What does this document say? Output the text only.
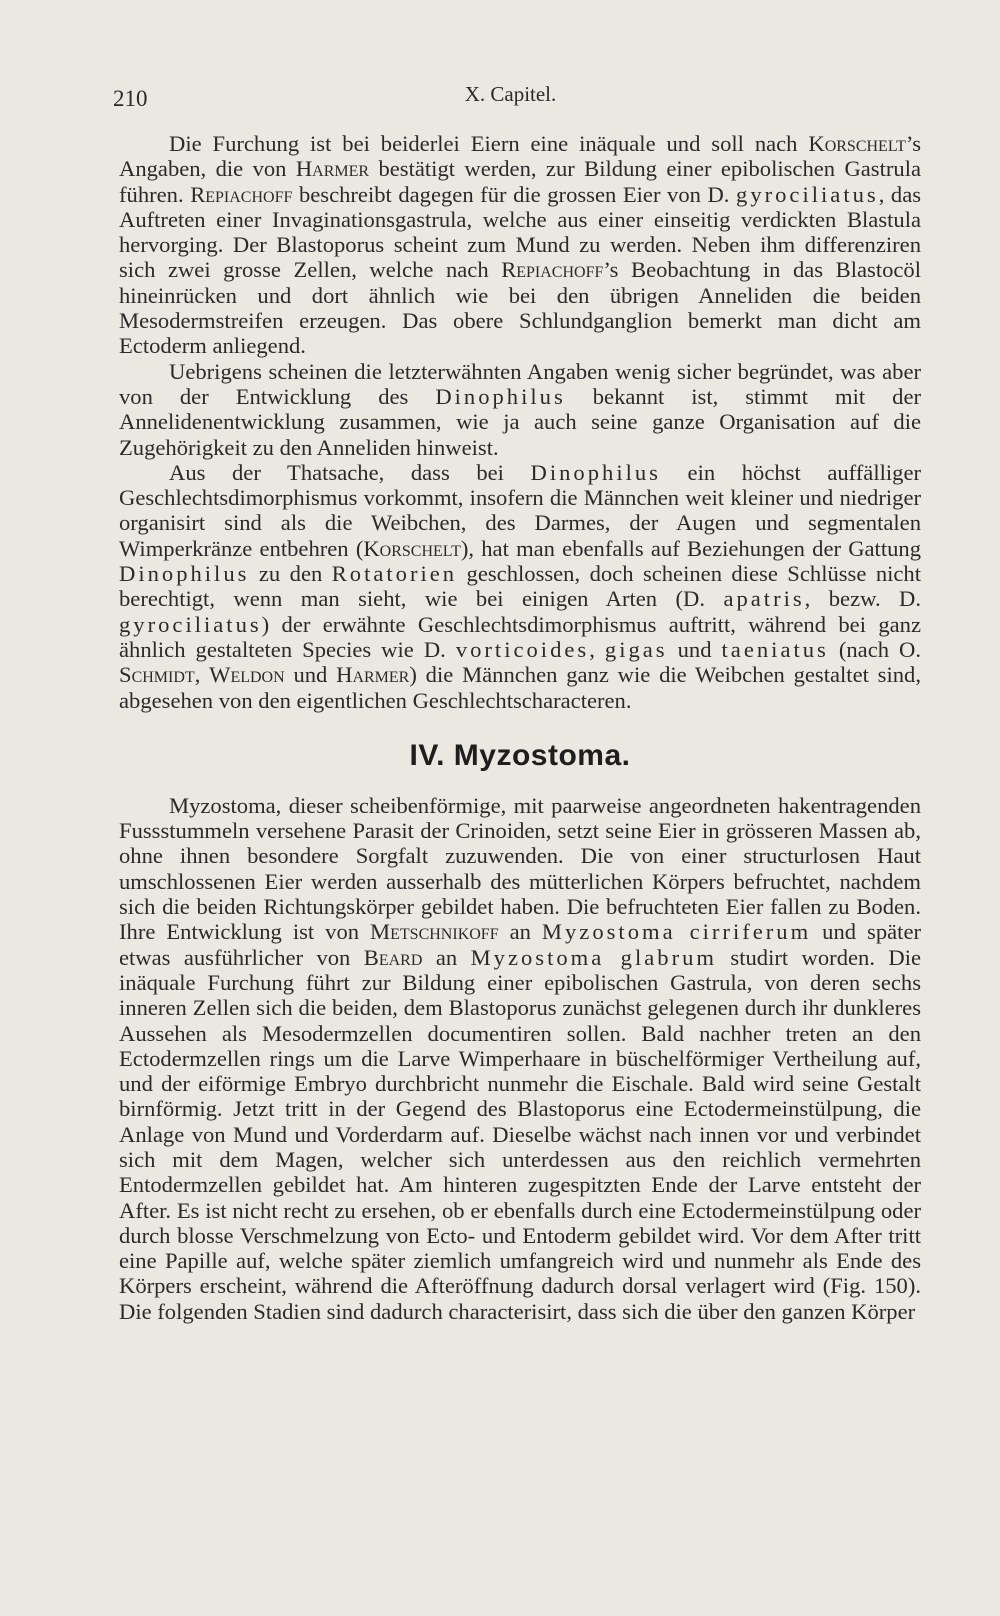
210	X. Capitel.

Die Furchung ist bei beiderlei Eiern eine inäquale und soll nach Korschelt’s Angaben, die von Harmer bestätigt werden, zur Bildung einer epibolischen Gastrula führen. Repiachoff beschreibt dagegen für die grossen Eier von D. gyrociliatus, das Auftreten einer Invaginationsgastrula, welche aus einer einseitig verdickten Blastula hervorging. Der Blastoporus scheint zum Mund zu werden. Neben ihm differenziren sich zwei grosse Zellen, welche nach Repiachoff’s Beobachtung in das Blastocöl hineinrücken und dort ähnlich wie bei den übrigen Anneliden die beiden Mesodermstreifen erzeugen. Das obere Schlundganglion bemerkt man dicht am Ectoderm anliegend.

Uebrigens scheinen die letzterwähnten Angaben wenig sicher begründet, was aber von der Entwicklung des Dinophilus bekannt ist, stimmt mit der Annelidenentwicklung zusammen, wie ja auch seine ganze Organisation auf die Zugehörigkeit zu den Anneliden hinweist.

Aus der Thatsache, dass bei Dinophilus ein höchst auffälliger Geschlechtsdimorphismus vorkommt, insofern die Männchen weit kleiner und niedriger organisirt sind als die Weibchen, des Darmes, der Augen und segmentalen Wimperkränze entbehren (Korschelt), hat man ebenfalls auf Beziehungen der Gattung Dinophilus zu den Rotatorien geschlossen, doch scheinen diese Schlüsse nicht berechtigt, wenn man sieht, wie bei einigen Arten (D. apatris, bezw. D. gyrociliatus) der erwähnte Geschlechtsdimorphismus auftritt, während bei ganz ähnlich gestalteten Species wie D. vorticoides, gigas und taeniatus (nach O. Schmidt, Weldon und Harmer) die Männchen ganz wie die Weibchen gestaltet sind, abgesehen von den eigentlichen Geschlechtscharacteren.

IV. Myzostoma.

Myzostoma, dieser scheibenförmige, mit paarweise angeordneten hakentragenden Fussstummeln versehene Parasit der Crinoiden, setzt seine Eier in grösseren Massen ab, ohne ihnen besondere Sorgfalt zuzuwenden. Die von einer structurlosen Haut umschlossenen Eier werden ausserhalb des mütterlichen Körpers befruchtet, nachdem sich die beiden Richtungskörper gebildet haben. Die befruchteten Eier fallen zu Boden. Ihre Entwicklung ist von Metschnikoff an Myzostoma cirriferum und später etwas ausführlicher von Beard an Myzostoma glabrum studirt worden. Die inäquale Furchung führt zur Bildung einer epibolischen Gastrula, von deren sechs inneren Zellen sich die beiden, dem Blastoporus zunächst gelegenen durch ihr dunkleres Aussehen als Mesodermzellen documentiren sollen. Bald nachher treten an den Ectodermzellen rings um die Larve Wimperhaare in büschelförmiger Vertheilung auf, und der eiförmige Embryo durchbricht nunmehr die Eischale. Bald wird seine Gestalt birnförmig. Jetzt tritt in der Gegend des Blastoporus eine Ectodermeinstülpung, die Anlage von Mund und Vorderdarm auf. Dieselbe wächst nach innen vor und verbindet sich mit dem Magen, welcher sich unterdessen aus den reichlich vermehrten Entodermzellen gebildet hat. Am hinteren zugespitzten Ende der Larve entsteht der After. Es ist nicht recht zu ersehen, ob er ebenfalls durch eine Ectodermeinstülpung oder durch blosse Verschmelzung von Ecto- und Entoderm gebildet wird. Vor dem After tritt eine Papille auf, welche später ziemlich umfangreich wird und nunmehr als Ende des Körpers erscheint, während die Afteröffnung dadurch dorsal verlagert wird (Fig. 150). Die folgenden Stadien sind dadurch characterisirt, dass sich die über den ganzen Körper
